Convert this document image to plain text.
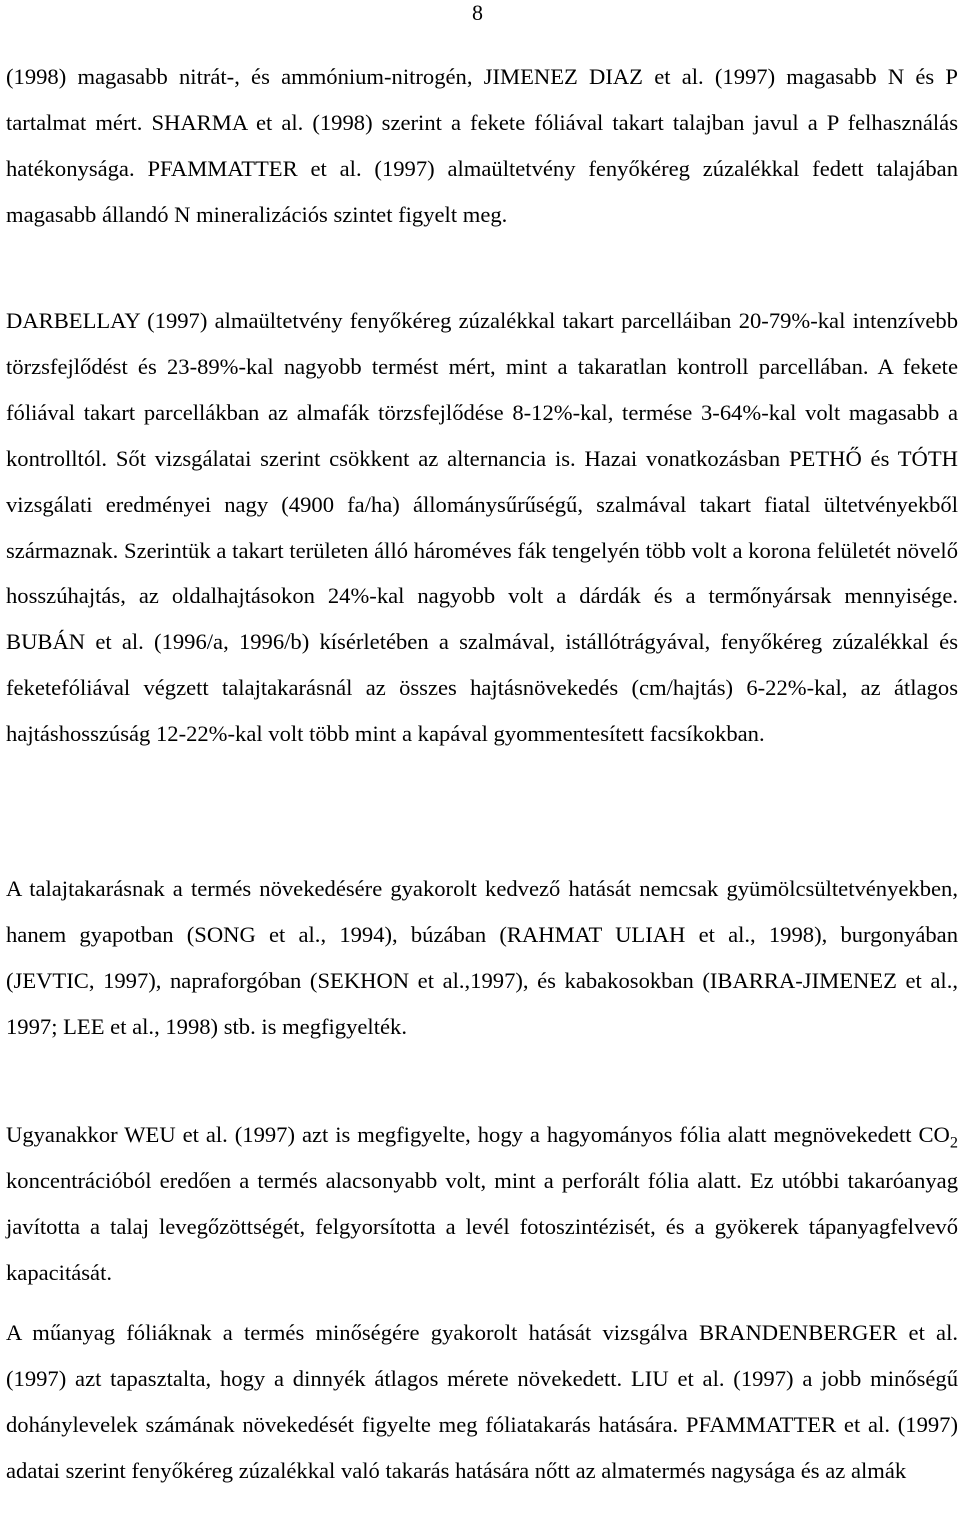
8

(1998) magasabb nitrát-, és ammónium-nitrogén, JIMENEZ DIAZ et al. (1997) magasabb N és P tartalmat mért. SHARMA et al. (1998) szerint a fekete fóliával takart talajban javul a P felhasználás hatékonysága. PFAMMATTER et al. (1997) almaültetvény fenyőkéreg zúzalékkal fedett talajában magasabb állandó N mineralizációs szintet figyelt meg.

DARBELLAY (1997) almaültetvény fenyőkéreg zúzalékkal takart parcelláiban 20-79%-kal intenzívebb törzsfejlődést és 23-89%-kal nagyobb termést mért, mint a takaratlan kontroll parcellában. A fekete fóliával takart parcellákban az almafák törzsfejlődése 8-12%-kal, termése 3-64%-kal volt magasabb a kontrolltól. Sőt vizsgálatai szerint csökkent az alternancia is. Hazai vonatkozásban PETHŐ és TÓTH vizsgálati eredményei nagy (4900 fa/ha) állománysűrűségű, szalmával takart fiatal ültetvényekből származnak. Szerintük a takart területen álló hároméves fák tengelyén több volt a korona felületét növelő hosszúhajtás, az oldalhajtásokon 24%-kal nagyobb volt a dárdák és a termőnyársak mennyisége. BUBÁN et al. (1996/a, 1996/b) kísérletében a szalmával, istállótrágyával, fenyőkéreg zúzalékkal és feketefóliával végzett talajtakarásnál az összes hajtásnövekedés (cm/hajtás) 6-22%-kal, az átlagos hajtáshosszúság 12-22%-kal volt több mint a kapával gyommentesített facsíkokban.

A talajtakarásnak a termés növekedésére gyakorolt kedvező hatását nemcsak gyümölcsültetvényekben, hanem gyapotban (SONG et al., 1994), búzában (RAHMAT ULIAH et al., 1998), burgonyában (JEVTIC, 1997), napraforgóban (SEKHON et al.,1997), és kabakosokban (IBARRA-JIMENEZ et al., 1997; LEE et al., 1998) stb. is megfigyelték.

Ugyanakkor WEU et al. (1997) azt is megfigyelte, hogy a hagyományos fólia alatt megnövekedett $CO_2$ koncentrációból eredően a termés alacsonyabb volt, mint a perforált fólia alatt. Ez utóbbi takaróanyag javította a talaj levegőzöttségét, felgyorsította a levél fotoszintézisét, és a gyökerek tápanyagfelvevő kapacitását.

A műanyag fóliáknak a termés minőségére gyakorolt hatását vizsgálva BRANDENBERGER et al. (1997) azt tapasztalta, hogy a dinnyék átlagos mérete növekedett. LIU et al. (1997) a jobb minőségű dohánylevelek számának növekedését figyelte meg fóliatakarás hatására. PFAMMATTER et al. (1997) adatai szerint fenyőkéreg zúzalékkal való takarás hatására nőtt az almatermés nagysága és az almák
